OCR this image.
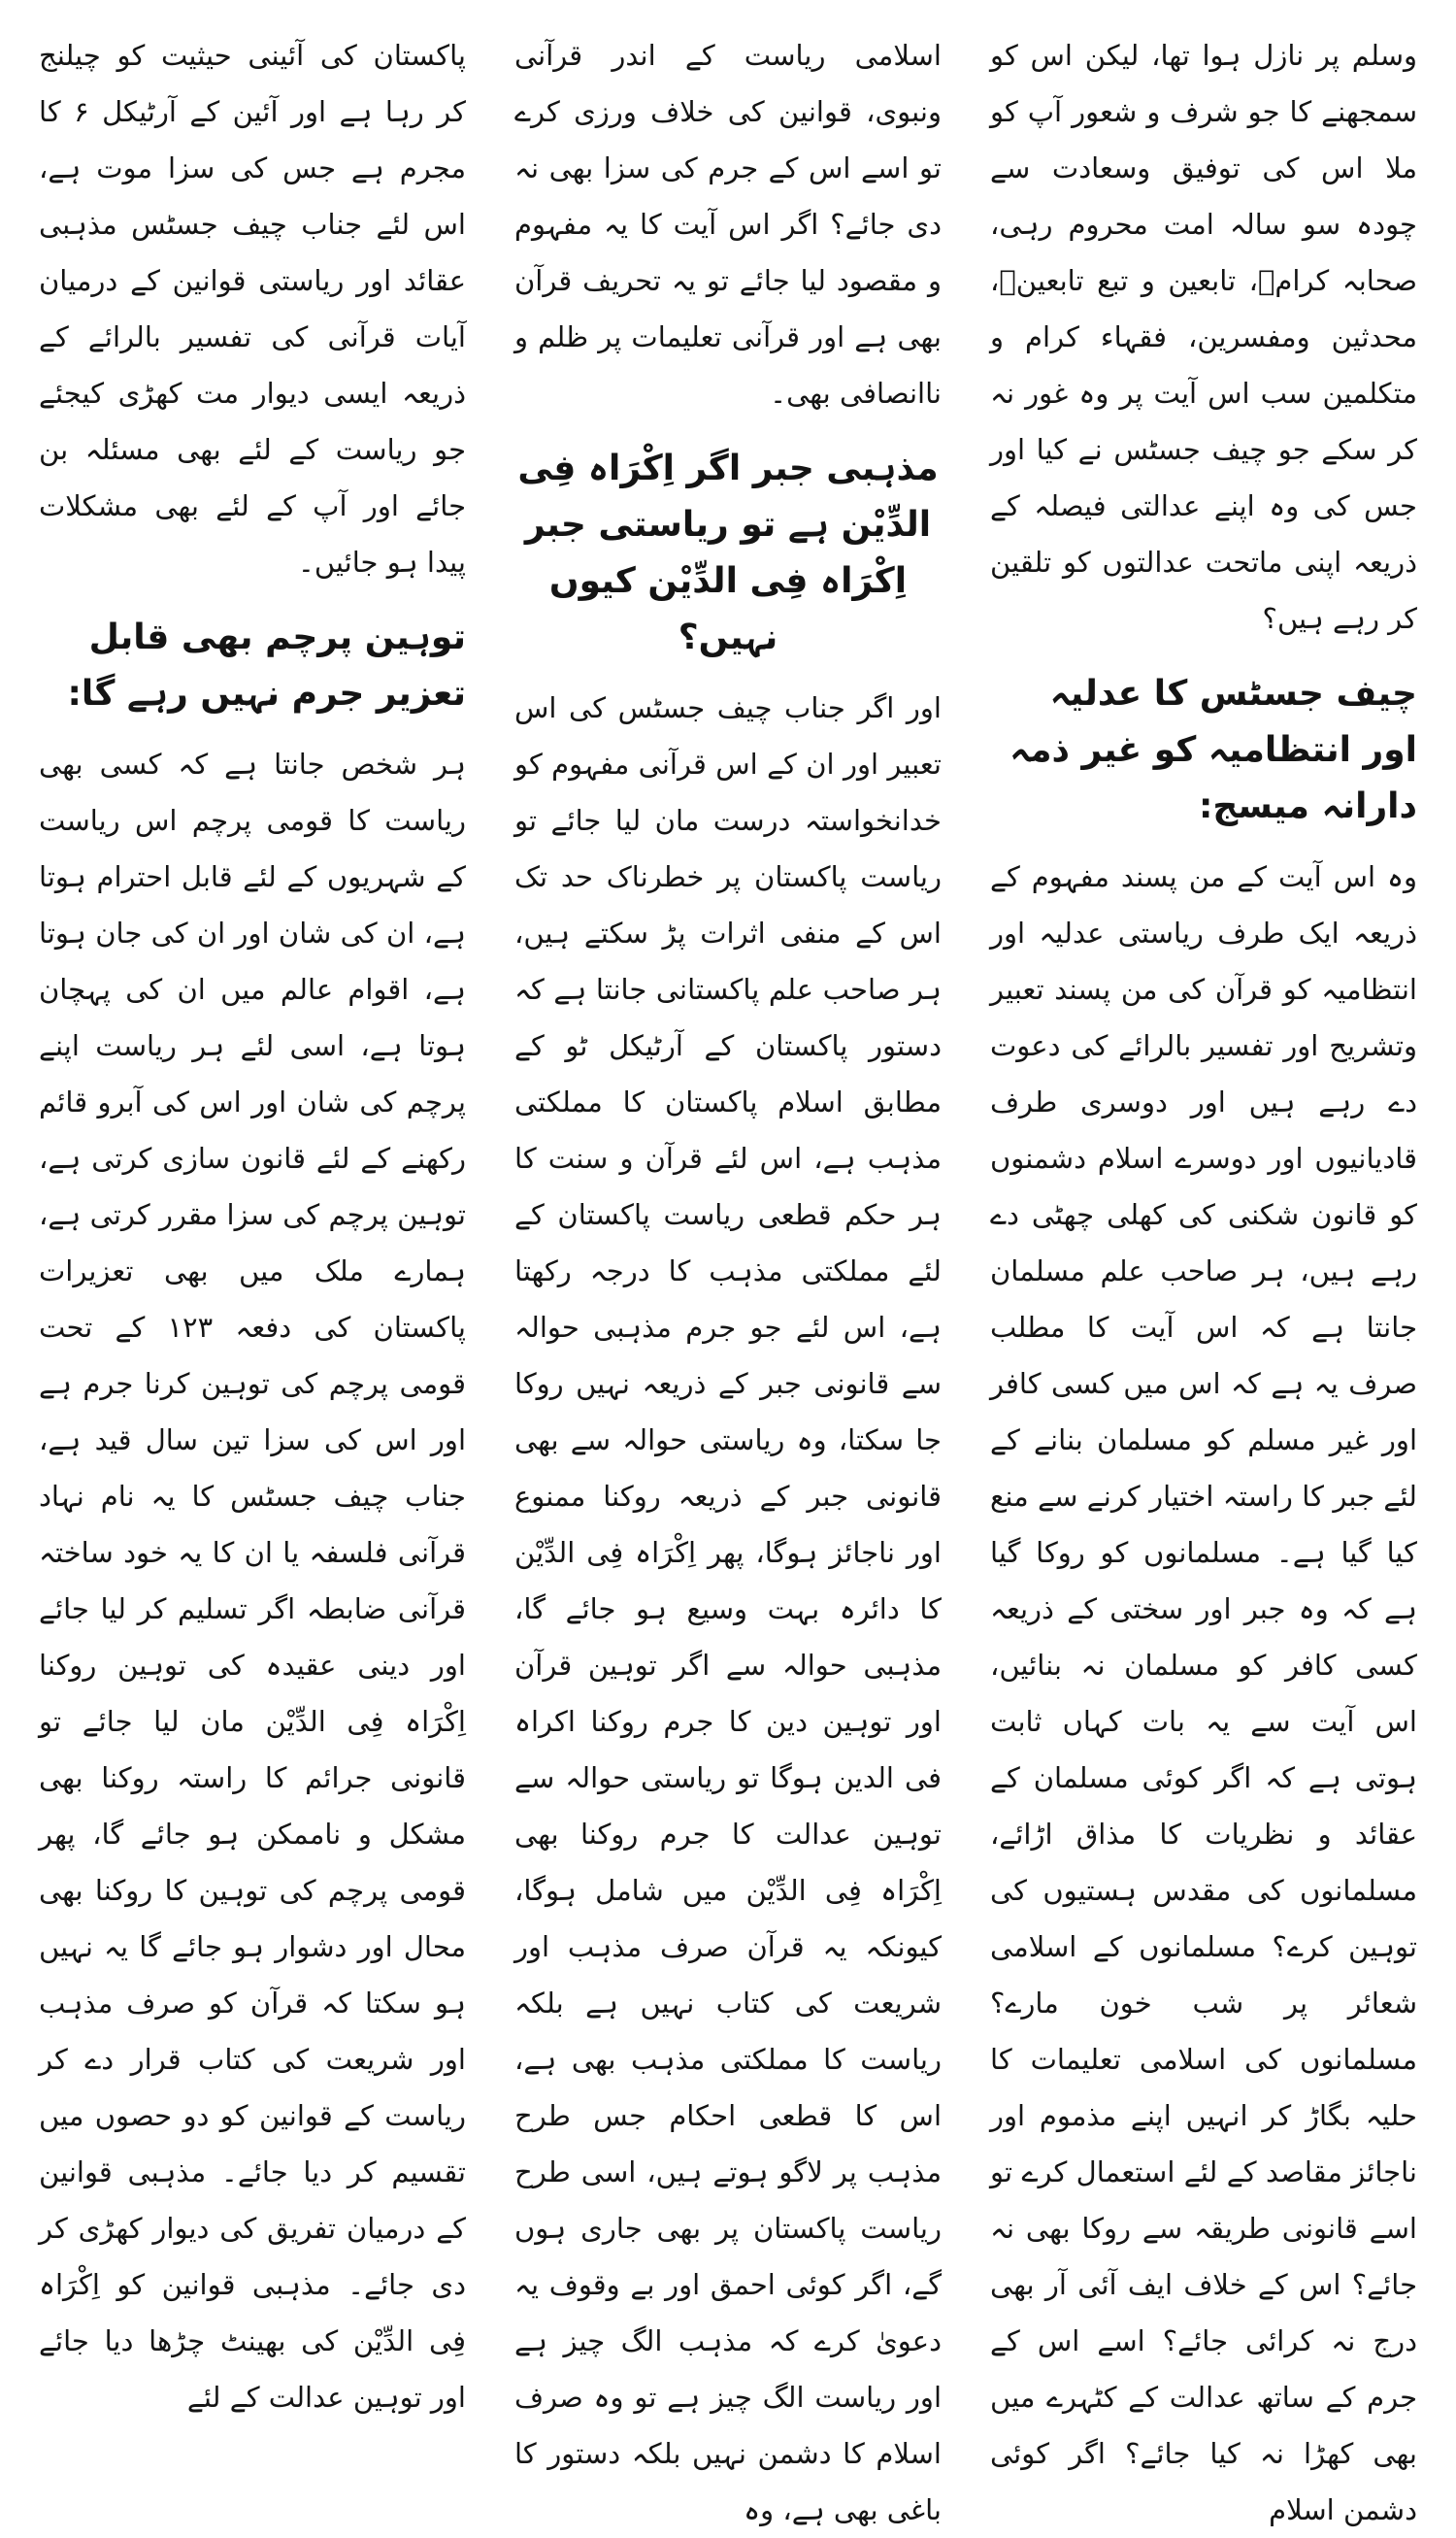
وسلم پر نازل ہوا تھا، لیکن اس کو سمجھنے کا جو شرف و شعور آپ کو ملا اس کی توفیق وسعادت سے چودہ سو سالہ امت محروم رہی، صحابہ کرامؓ، تابعین و تبع تابعینؒ، محدثین ومفسرین، فقہاء کرام و متکلمین سب اس آیت پر وہ غور نہ کر سکے جو چیف جسٹس نے کیا اور جس کی وہ اپنے عدالتی فیصلہ کے ذریعہ اپنی ماتحت عدالتوں کو تلقین کر رہے ہیں؟

چیف جسٹس کا عدلیہ اور انتظامیہ کو غیر ذمہ دارانہ میسج:

وہ اس آیت کے من پسند مفہوم کے ذریعہ ایک طرف ریاستی عدلیہ اور انتظامیہ کو قرآن کی من پسند تعبیر وتشریح اور تفسیر بالرائے کی دعوت دے رہے ہیں اور دوسری طرف قادیانیوں اور دوسرے اسلام دشمنوں کو قانون شکنی کی کھلی چھٹی دے رہے ہیں، ہر صاحب علم مسلمان جانتا ہے کہ اس آیت کا مطلب صرف یہ ہے کہ اس میں کسی کافر اور غیر مسلم کو مسلمان بنانے کے لئے جبر کا راستہ اختیار کرنے سے منع کیا گیا ہے۔ مسلمانوں کو روکا گیا ہے کہ وہ جبر اور سختی کے ذریعہ کسی کافر کو مسلمان نہ بنائیں، اس آیت سے یہ بات کہاں ثابت ہوتی ہے کہ اگر کوئی مسلمان کے عقائد و نظریات کا مذاق اڑائے، مسلمانوں کی مقدس ہستیوں کی توہین کرے؟ مسلمانوں کے اسلامی شعائر پر شب خون مارے؟ مسلمانوں کی اسلامی تعلیمات کا حلیہ بگاڑ کر انہیں اپنے مذموم اور ناجائز مقاصد کے لئے استعمال کرے تو اسے قانونی طریقہ سے روکا بھی نہ جائے؟ اس کے خلاف ایف آئی آر بھی درج نہ کرائی جائے؟ اسے اس کے جرم کے ساتھ عدالت کے کٹہرے میں بھی کھڑا نہ کیا جائے؟ اگر کوئی دشمن اسلام

اسلامی ریاست کے اندر قرآنی ونبوی، قوانین کی خلاف ورزی کرے تو اسے اس کے جرم کی سزا بھی نہ دی جائے؟ اگر اس آیت کا یہ مفہوم و مقصود لیا جائے تو یہ تحریف قرآن بھی ہے اور قرآنی تعلیمات پر ظلم و ناانصافی بھی۔

مذہبی جبر اگر اِکْرَاہ فِی الدِّیْن ہے تو ریاستی جبر اِکْرَاہ فِی الدِّیْن کیوں نہیں؟

اور اگر جناب چیف جسٹس کی اس تعبیر اور ان کے اس قرآنی مفہوم کو خدانخواستہ درست مان لیا جائے تو ریاست پاکستان پر خطرناک حد تک اس کے منفی اثرات پڑ سکتے ہیں، ہر صاحب علم پاکستانی جانتا ہے کہ دستور پاکستان کے آرٹیکل ٹو کے مطابق اسلام پاکستان کا مملکتی مذہب ہے، اس لئے قرآن و سنت کا ہر حکم قطعی ریاست پاکستان کے لئے مملکتی مذہب کا درجہ رکھتا ہے، اس لئے جو جرم مذہبی حوالہ سے قانونی جبر کے ذریعہ نہیں روکا جا سکتا، وہ ریاستی حوالہ سے بھی قانونی جبر کے ذریعہ روکنا ممنوع اور ناجائز ہوگا، پھر اِکْرَاہ فِی الدِّیْن کا دائرہ بہت وسیع ہو جائے گا، مذہبی حوالہ سے اگر توہین قرآن اور توہین دین کا جرم روکنا اکراہ فی الدین ہوگا تو ریاستی حوالہ سے توہین عدالت کا جرم روکنا بھی اِکْرَاہ فِی الدِّیْن میں شامل ہوگا، کیونکہ یہ قرآن صرف مذہب اور شریعت کی کتاب نہیں ہے بلکہ ریاست کا مملکتی مذہب بھی ہے، اس کا قطعی احکام جس طرح مذہب پر لاگو ہوتے ہیں، اسی طرح ریاست پاکستان پر بھی جاری ہوں گے، اگر کوئی احمق اور بے وقوف یہ دعویٰ کرے کہ مذہب الگ چیز ہے اور ریاست الگ چیز ہے تو وہ صرف اسلام کا دشمن نہیں بلکہ دستور کا باغی بھی ہے، وہ

پاکستان کی آئینی حیثیت کو چیلنج کر رہا ہے اور آئین کے آرٹیکل ۶ کا مجرم ہے جس کی سزا موت ہے، اس لئے جناب چیف جسٹس مذہبی عقائد اور ریاستی قوانین کے درمیان آیات قرآنی کی تفسیر بالرائے کے ذریعہ ایسی دیوار مت کھڑی کیجئے جو ریاست کے لئے بھی مسئلہ بن جائے اور آپ کے لئے بھی مشکلات پیدا ہو جائیں۔

توہین پرچم بھی قابل تعزیر جرم نہیں رہے گا:

ہر شخص جانتا ہے کہ کسی بھی ریاست کا قومی پرچم اس ریاست کے شہریوں کے لئے قابل احترام ہوتا ہے، ان کی شان اور ان کی جان ہوتا ہے، اقوام عالم میں ان کی پہچان ہوتا ہے، اسی لئے ہر ریاست اپنے پرچم کی شان اور اس کی آبرو قائم رکھنے کے لئے قانون سازی کرتی ہے، توہین پرچم کی سزا مقرر کرتی ہے، ہمارے ملک میں بھی تعزیرات پاکستان کی دفعہ ۱۲۳ کے تحت قومی پرچم کی توہین کرنا جرم ہے اور اس کی سزا تین سال قید ہے، جناب چیف جسٹس کا یہ نام نہاد قرآنی فلسفہ یا ان کا یہ خود ساختہ قرآنی ضابطہ اگر تسلیم کر لیا جائے اور دینی عقیدہ کی توہین روکنا اِکْرَاہ فِی الدِّیْن مان لیا جائے تو قانونی جرائم کا راستہ روکنا بھی مشکل و ناممکن ہو جائے گا، پھر قومی پرچم کی توہین کا روکنا بھی محال اور دشوار ہو جائے گا یہ نہیں ہو سکتا کہ قرآن کو صرف مذہب اور شریعت کی کتاب قرار دے کر ریاست کے قوانین کو دو حصوں میں تقسیم کر دیا جائے۔ مذہبی قوانین کے درمیان تفریق کی دیوار کھڑی کر دی جائے۔ مذہبی قوانین کو اِکْرَاہ فِی الدِّیْن کی بھینٹ چڑھا دیا جائے اور توہین عدالت کے لئے
